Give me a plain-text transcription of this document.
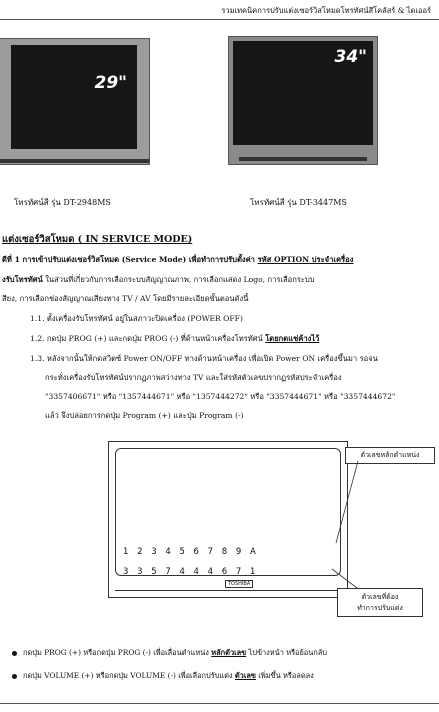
รวมเทคนิคการปรับแต่งเซอร์วิสโหมดโทรทัศน์สีโคลัสร์ & ไดเออร์
29"
โทรทัศน์สี รุ่น DT-2948MS
34"
โทรทัศน์สี รุ่น DT-3447MS
แต่งเซอร์วิสโหมด ( IN SERVICE MODE)
ดีที่ 1 การเข้าปรับแต่งเซอร์วิสโหมด (Service Mode) เพื่อทำการปรับตั้งค่า รหัส OPTION ประจำเครื่อง
งรับโทรทัศน์ ในส่วนที่เกี่ยวกับการเลือกระบบสัญญาณภาพ, การเลือกแสดง Logo, การเลือกระบบ
สียง, การเลือกช่องสัญญาณเสียงทาง TV / AV โดยมีรายละเอียดขั้นตอนดังนี้
1.1. ตั้งเครื่องรับโทรทัศน์ อยู่ในสภาวะปิดเครื่อง (POWER OFF)
1.2. กดปุ่ม PROG (+) และกดปุ่ม PROG (-) ที่ด้านหน้าเครื่องโทรทัศน์ โดยกดแช่ค้างไว้
1.3. หลังจากนั้นให้กดสวิตซ์ Power ON/OFF ทางด้านหน้าเครื่อง เพื่อเปิด Power ON เครื่องขึ้นมา รอจน
กระทั่งเครื่องรับโทรทัศน์ปรากฏภาพสว่างทาง TV และใส่รหัสตัวเลขปรากฏรหัสประจำเครื่อง
"3357406671" หรือ "1357444671" หรือ "1357444272" หรือ "3357444671" หรือ "3357444672"
แล้ว จึงปล่อยการกดปุ่ม Program (+) และปุ่ม Program (-)
1 2 3 4 5 6 7 8 9 A
3 3 5 7 4 4 4 6 7 1
TOSHIBA
ตัวเลขหลักตำแหน่ง
ตัวเลขที่ต้อง
ทำการปรับแต่ง
กดปุ่ม PROG (+) หรือกดปุ่ม PROG (-) เพื่อเลื่อนตำแหน่ง หลักตัวเลข ไปข้างหน้า หรือย้อนกลับ
กดปุ่ม VOLUME (+) หรือกดปุ่ม VOLUME (-) เพื่อเลือกปรับแต่ง ตัวเลข เพิ่มขึ้น หรือลดลง
